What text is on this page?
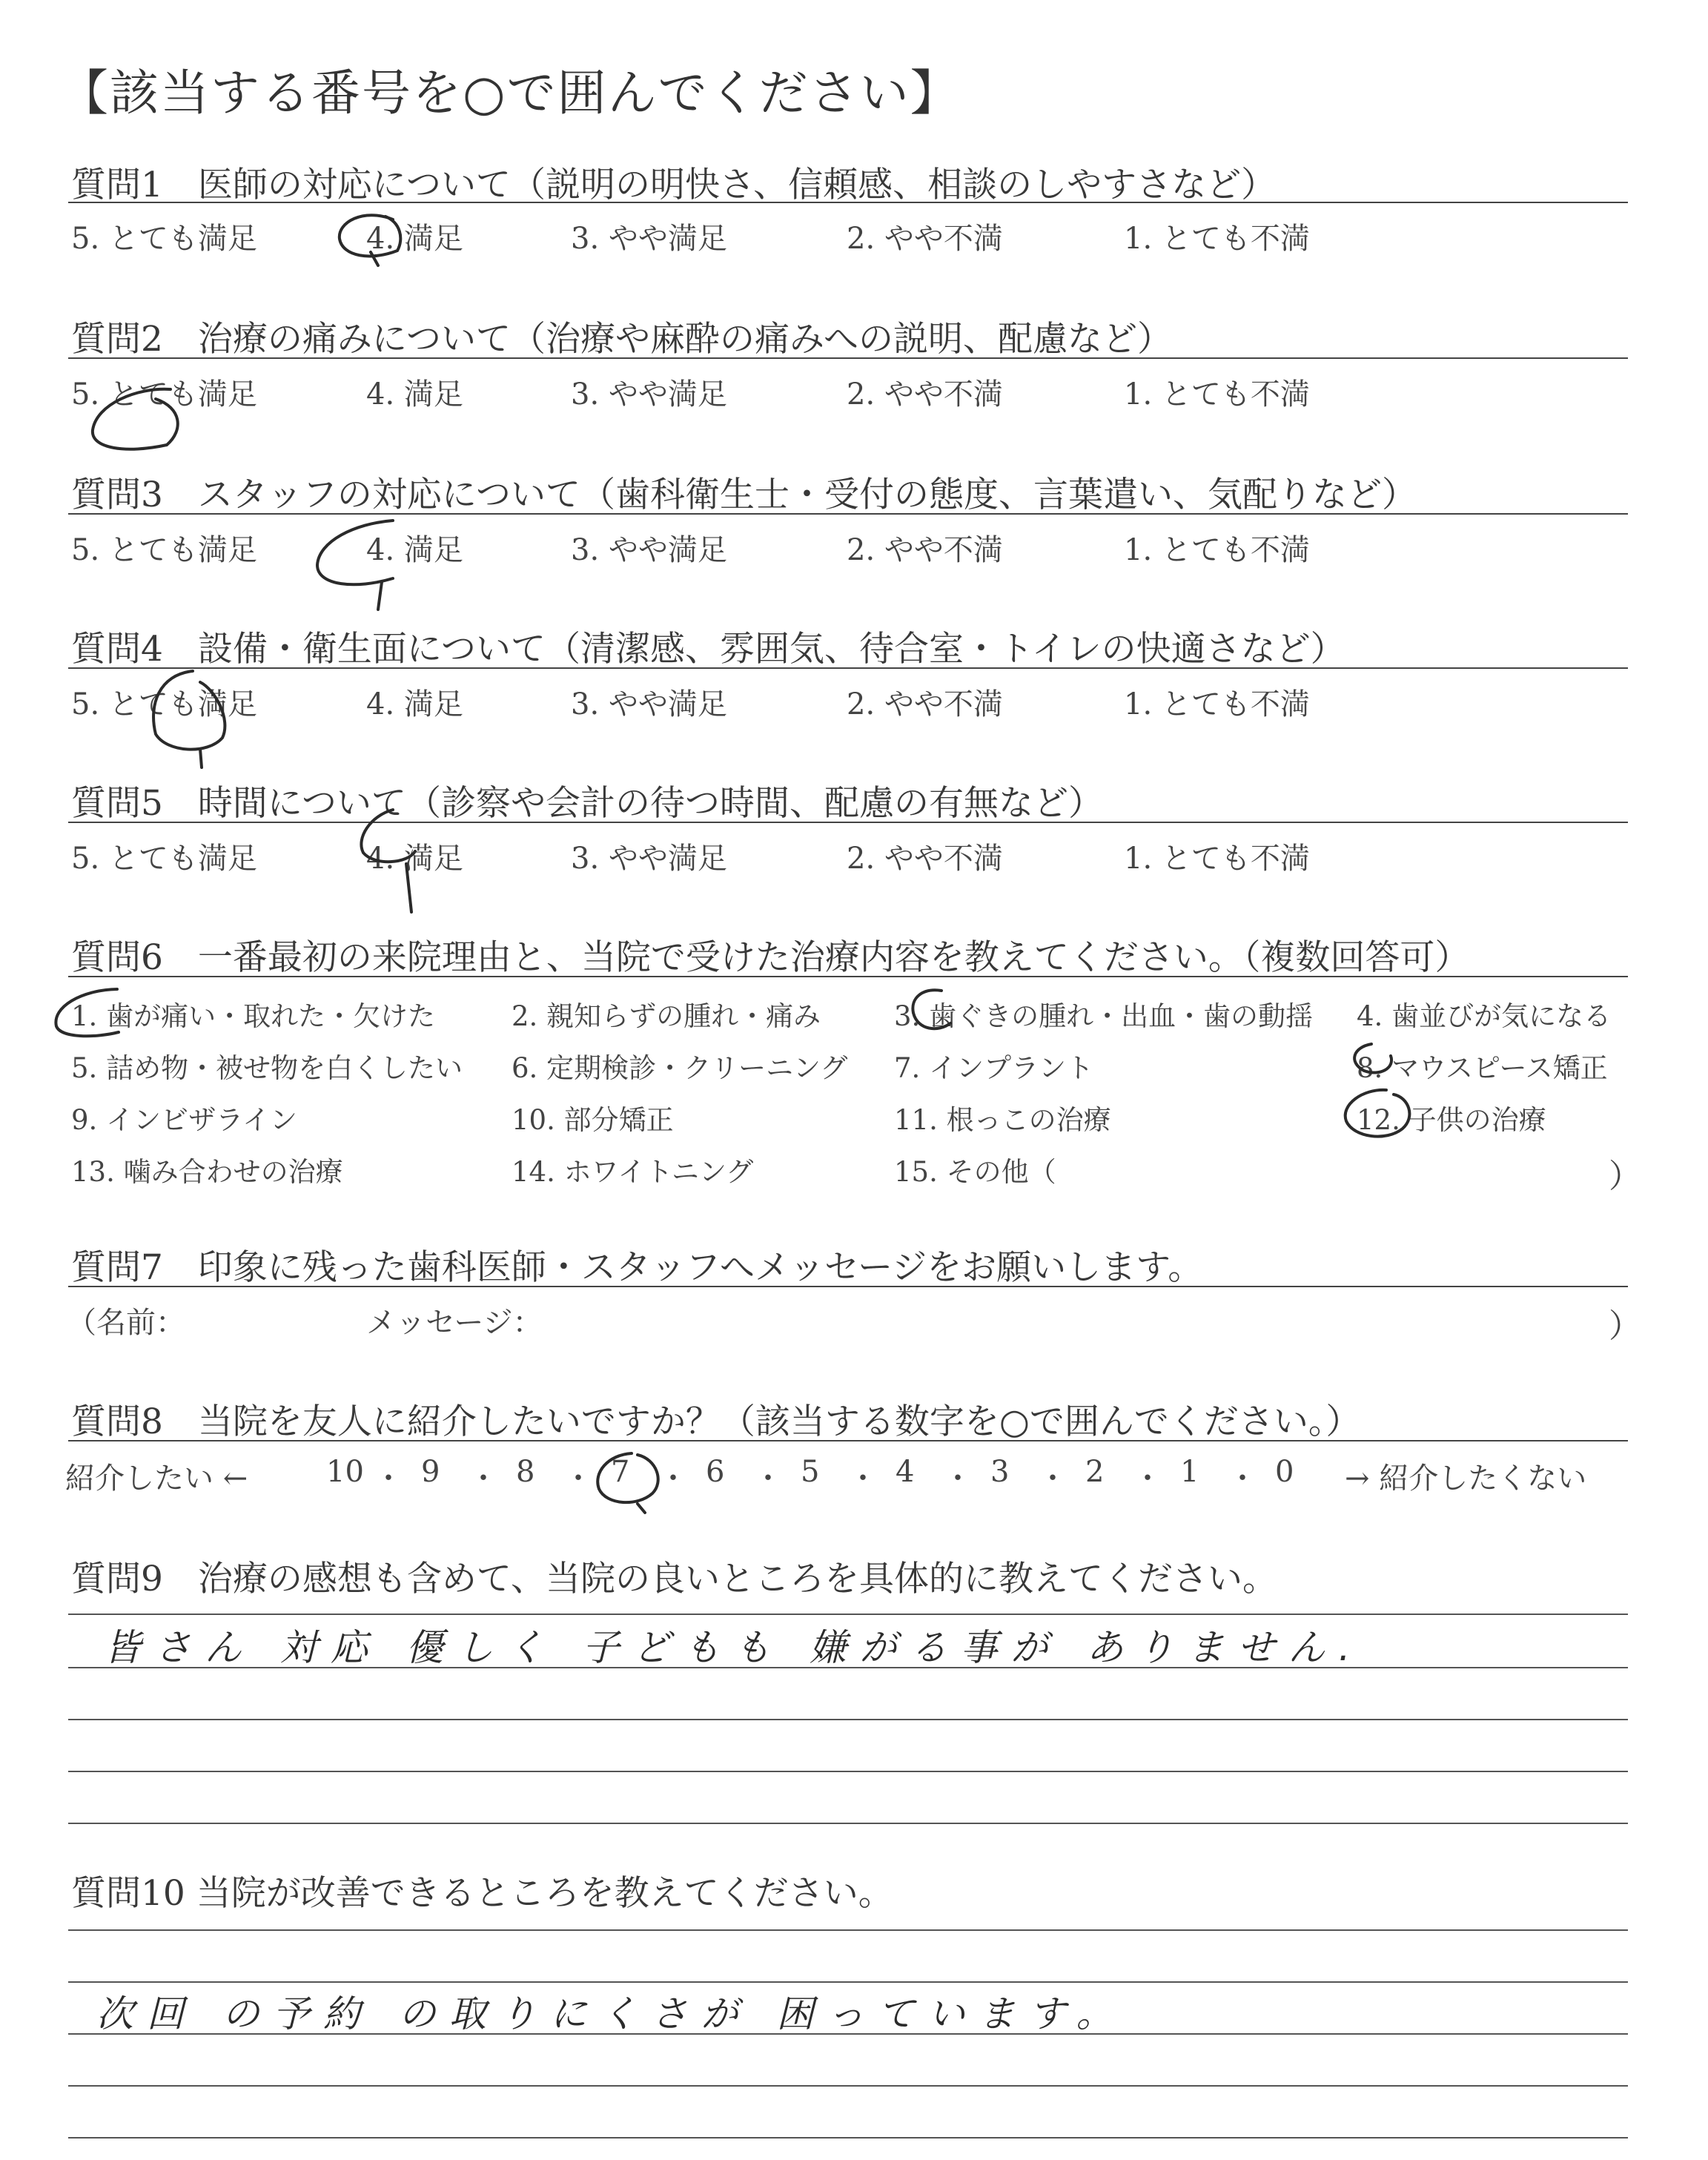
【該当する番号を○で囲んでください】
質問1　医師の対応について（説明の明快さ、信頼感、相談のしやすさなど）
5. とても満足	4. 満足	3. やや満足	2. やや不満	1. とても不満
質問2　治療の痛みについて（治療や麻酔の痛みへの説明、配慮など）
5. とても満足	4. 満足	3. やや満足	2. やや不満	1. とても不満
質問3　スタッフの対応について（歯科衛生士・受付の態度、言葉遣い、気配りなど）
5. とても満足	4. 満足	3. やや満足	2. やや不満	1. とても不満
質問4　設備・衛生面について（清潔感、雰囲気、待合室・トイレの快適さなど）
5. とても満足	4. 満足	3. やや満足	2. やや不満	1. とても不満
質問5　時間について（診察や会計の待つ時間、配慮の有無など）
5. とても満足	4. 満足	3. やや満足	2. やや不満	1. とても不満
質問6　一番最初の来院理由と、当院で受けた治療内容を教えてください。（複数回答可）
1. 歯が痛い・取れた・欠けた	2. 親知らずの腫れ・痛み	3. 歯ぐきの腫れ・出血・歯の動揺 4. 歯並びが気になる
5. 詰め物・被せ物を白くしたい 6. 定期検診・クリーニング 7. インプラント	8. マウスピース矯正
9. インビザライン	10. 部分矯正	11. 根っこの治療	12. 子供の治療
13. 噛み合わせの治療	14. ホワイトニング	15. その他（	）
質問7　印象に残った歯科医師・スタッフへメッセージをお願いします。
（名前：	メッセージ：	）
質問8　当院を友人に紹介したいですか？（該当する数字を○で囲んでください。）
紹介したい ←	10 ・ 9 ・ 8 ・ 7 ・ 6 ・ 5 ・ 4 ・ 3 ・ 2 ・ 1 ・ 0 → 紹介したくない
質問9　治療の感想も含めて、当院の良いところを具体的に教えてください。
皆さん 対応 優しく 子どもも 嫌がる事が ありません.
質問10 当院が改善できるところを教えてください。
次回 の予約 の取りにくさが 困っています。
